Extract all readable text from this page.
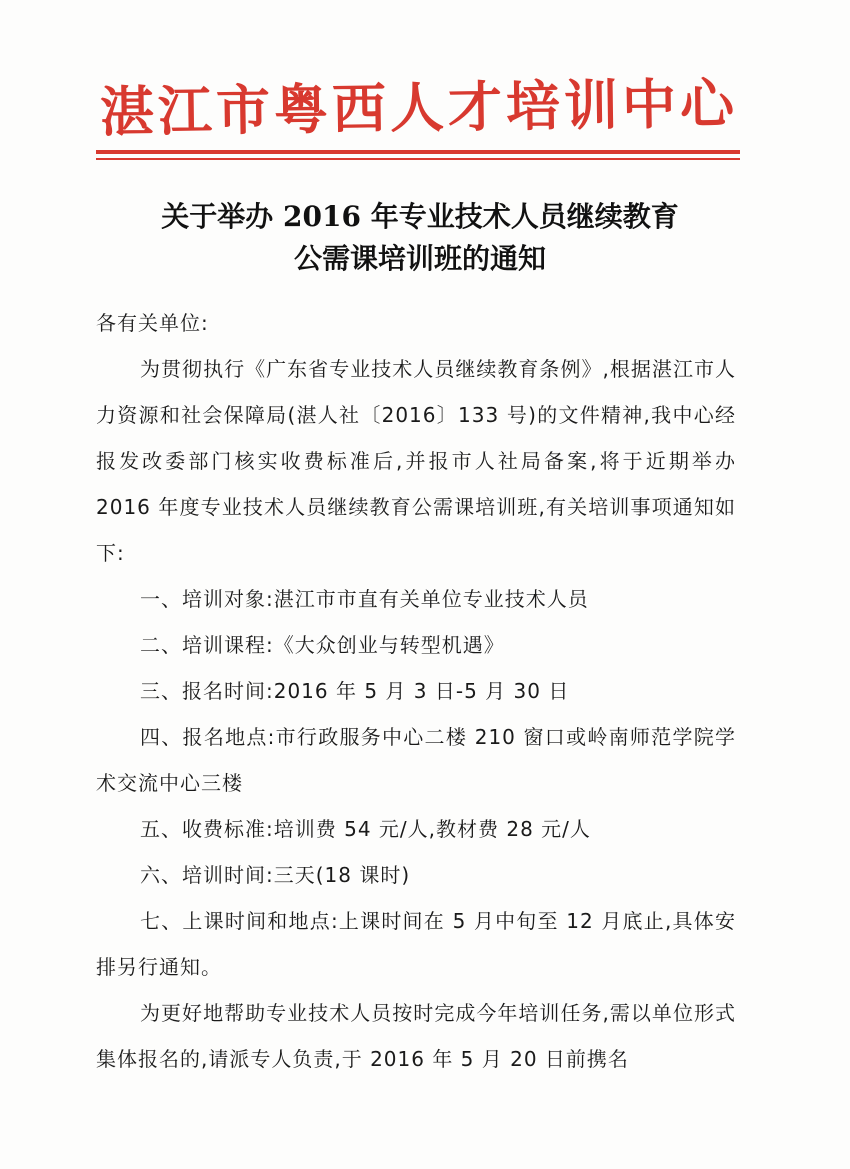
湛江市粤西人才培训中心
关于举办 2016 年专业技术人员继续教育
公需课培训班的通知

各有关单位:

为贯彻执行《广东省专业技术人员继续教育条例》,根据湛江市人力资源和社会保障局(湛人社〔2016〕133 号)的文件精神,我中心经报发改委部门核实收费标准后,并报市人社局备案,将于近期举办 2016 年度专业技术人员继续教育公需课培训班,有关培训事项通知如下:

一、培训对象:湛江市市直有关单位专业技术人员

二、培训课程:《大众创业与转型机遇》

三、报名时间:2016 年 5 月 3 日-5 月 30 日

四、报名地点:市行政服务中心二楼 210 窗口或岭南师范学院学术交流中心三楼

五、收费标准:培训费 54 元/人,教材费 28 元/人

六、培训时间:三天(18 课时)

七、上课时间和地点:上课时间在 5 月中旬至 12 月底止,具体安排另行通知。

为更好地帮助专业技术人员按时完成今年培训任务,需以单位形式集体报名的,请派专人负责,于 2016 年 5 月 20 日前携名
